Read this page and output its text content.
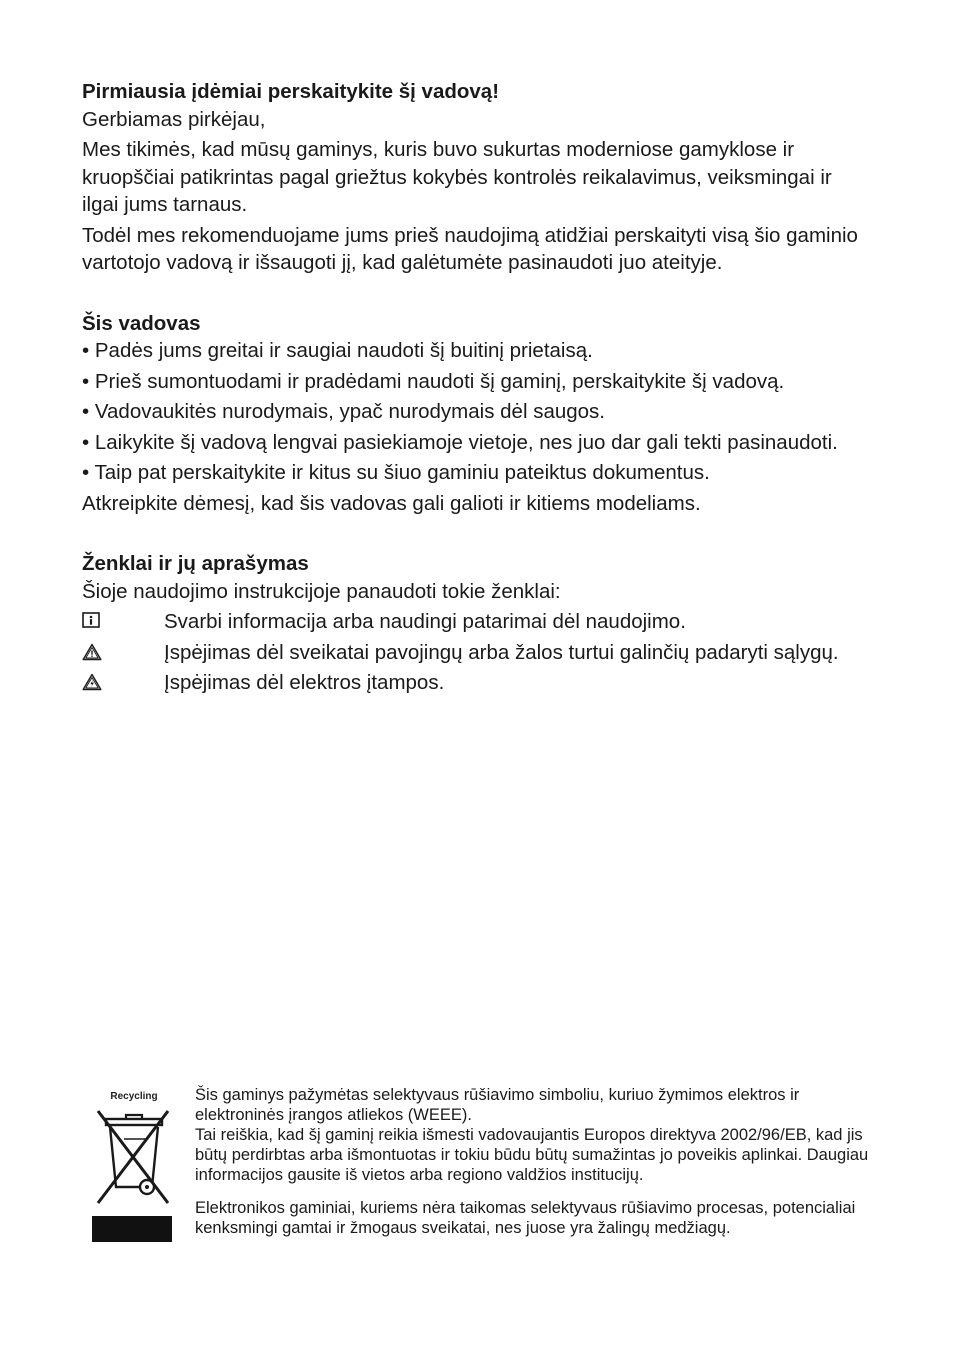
Pirmiausia įdėmiai perskaitykite šį vadovą!

Gerbiamas pirkėjau,

Mes tikimės, kad mūsų gaminys, kuris buvo sukurtas moderniose gamyklose ir kruopščiai patikrintas pagal griežtus kokybės kontrolės reikalavimus, veiksmingai ir ilgai jums tarnaus.

Todėl mes rekomenduojame jums prieš naudojimą atidžiai perskaityti visą šio gaminio vartotojo vadovą ir išsaugoti jį, kad galėtumėte pasinaudoti juo ateityje.

Šis vadovas

• Padės jums greitai ir saugiai naudoti šį buitinį prietaisą.

• Prieš sumontuodami ir pradėdami naudoti šį gaminį, perskaitykite šį vadovą.

• Vadovaukitės nurodymais, ypač nurodymais dėl saugos.

• Laikykite šį vadovą lengvai pasiekiamoje vietoje, nes juo dar gali tekti pasinaudoti.

• Taip pat perskaitykite ir kitus su šiuo gaminiu pateiktus dokumentus.

Atkreipkite dėmesį, kad šis vadovas gali galioti ir kitiems modeliams.

Ženklai ir jų aprašymas

Šioje naudojimo instrukcijoje panaudoti tokie ženklai:

Svarbi informacija arba naudingi patarimai dėl naudojimo.
Įspėjimas dėl sveikatai pavojingų arba žalos turtui galinčių padaryti sąlygų.
Įspėjimas dėl elektros įtampos.
Recycling	Šis gaminys pažymėtas selektyvaus rūšiavimo simboliu, kuriuo žymimos elektros ir elektroninės įrangos atliekos (WEEE).

Tai reiškia, kad šį gaminį reikia išmesti vadovaujantis Europos direktyva 2002/96/EB, kad jis būtų perdirbtas arba išmontuotas ir tokiu būdu būtų sumažintas jo poveikis aplinkai. Daugiau informacijos gausite iš vietos arba regiono valdžios institucijų.

Elektronikos gaminiai, kuriems nėra taikomas selektyvaus rūšiavimo procesas, potencialiai kenksmingi gamtai ir žmogaus sveikatai, nes juose yra žalingų medžiagų.
